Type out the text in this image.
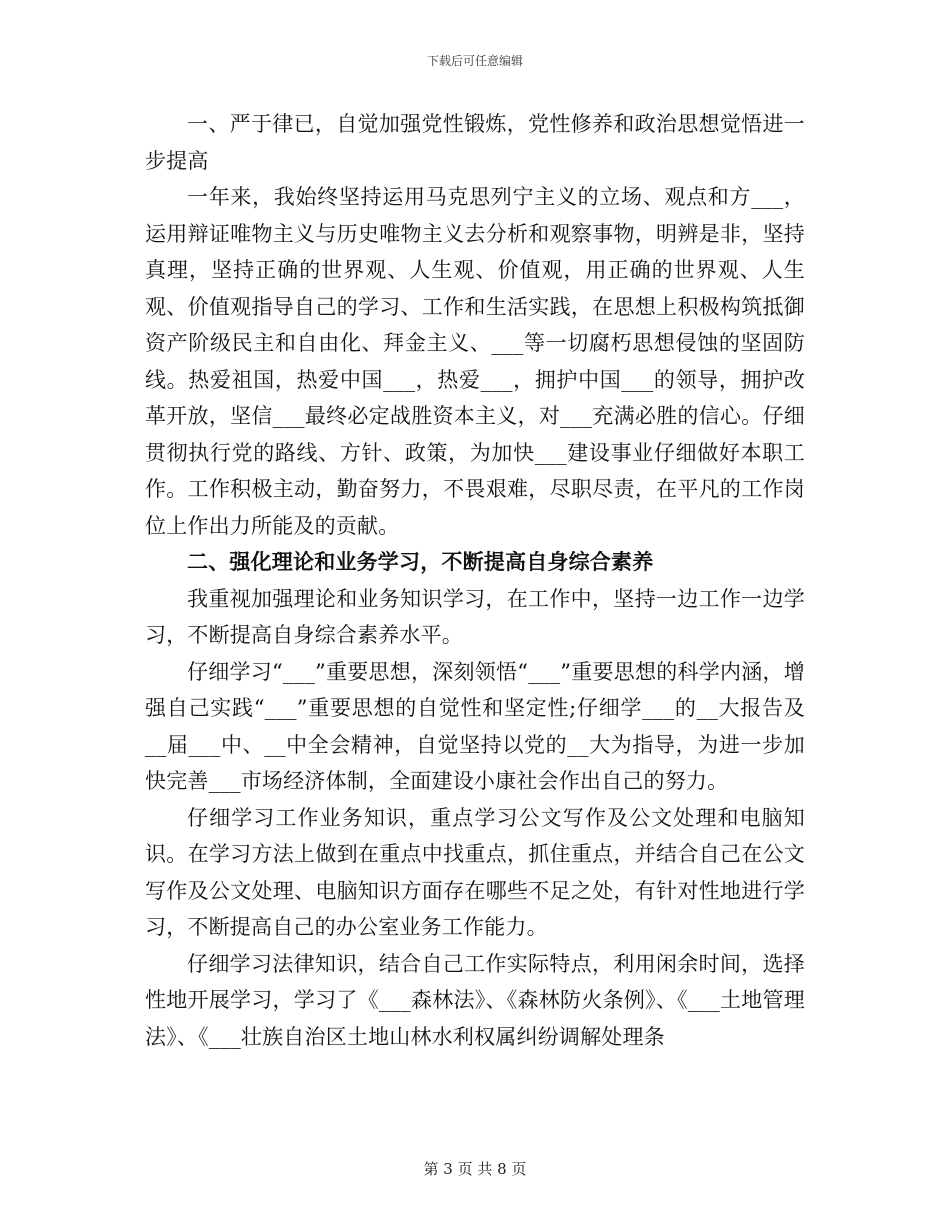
下载后可任意编辑

一、严于律已，自觉加强党性锻炼，党性修养和政治思想觉悟进一步提高

一年来，我始终坚持运用马克思列宁主义的立场、观点和方___，运用辩证唯物主义与历史唯物主义去分析和观察事物，明辨是非，坚持真理，坚持正确的世界观、人生观、价值观，用正确的世界观、人生观、价值观指导自己的学习、工作和生活实践，在思想上积极构筑抵御资产阶级民主和自由化、拜金主义、___等一切腐朽思想侵蚀的坚固防线。热爱祖国，热爱中国___，热爱___，拥护中国___的领导，拥护改革开放，坚信___最终必定战胜资本主义，对___充满必胜的信心。仔细贯彻执行党的路线、方针、政策，为加快___建设事业仔细做好本职工作。工作积极主动，勤奋努力，不畏艰难，尽职尽责，在平凡的工作岗位上作出力所能及的贡献。

二、强化理论和业务学习，不断提高自身综合素养

我重视加强理论和业务知识学习，在工作中，坚持一边工作一边学习，不断提高自身综合素养水平。

仔细学习“___”重要思想，深刻领悟“___”重要思想的科学内涵，增强自己实践“___”重要思想的自觉性和坚定性;仔细学___的__大报告及__届___中、__中全会精神，自觉坚持以党的__大为指导，为进一步加快完善___市场经济体制，全面建设小康社会作出自己的努力。

仔细学习工作业务知识，重点学习公文写作及公文处理和电脑知识。在学习方法上做到在重点中找重点，抓住重点，并结合自己在公文写作及公文处理、电脑知识方面存在哪些不足之处，有针对性地进行学习，不断提高自己的办公室业务工作能力。

仔细学习法律知识，结合自己工作实际特点，利用闲余时间，选择性地开展学习，学习了《___森林法》、《森林防火条例》、《___土地管理法》、《___壮族自治区土地山林水利权属纠纷调解处理条

第 3 页 共 8 页
